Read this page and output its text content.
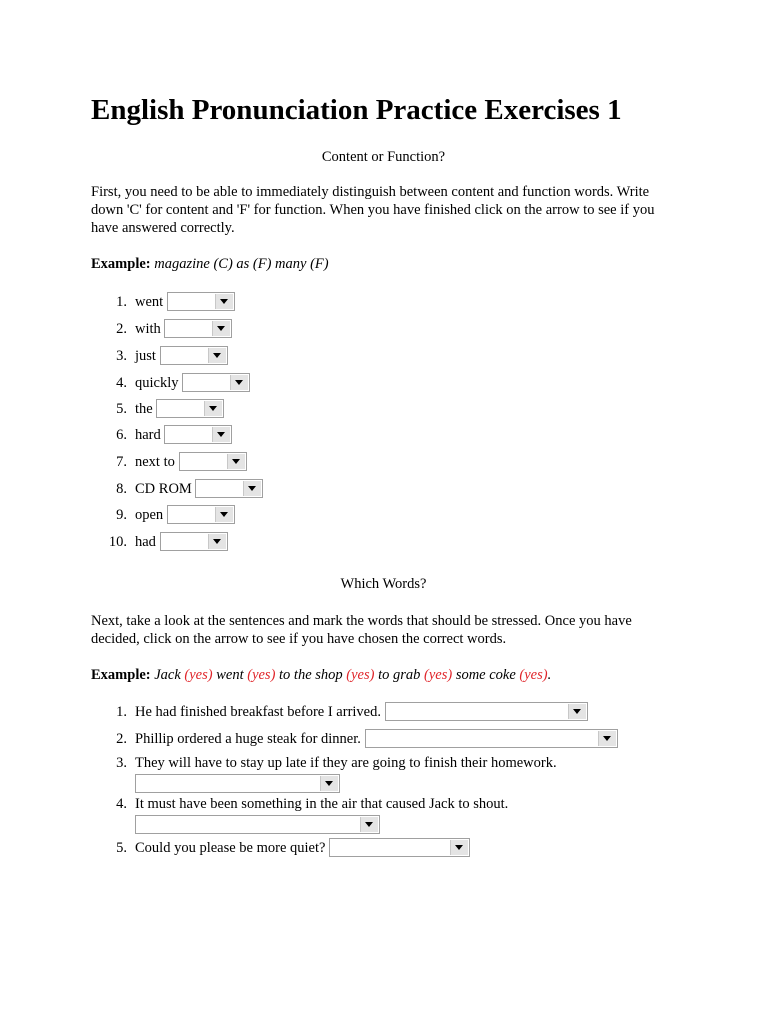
English Pronunciation Practice Exercises 1
Content or Function?
First, you need to be able to immediately distinguish between content and function words. Write down 'C' for content and 'F' for function. When you have finished click on the arrow to see if you have answered correctly.
Example: magazine (C) as (F) many (F)
1. went
2. with
3. just
4. quickly
5. the
6. hard
7. next to
8. CD ROM
9. open
10. had
Which Words?
Next, take a look at the sentences and mark the words that should be stressed. Once you have decided, click on the arrow to see if you have chosen the correct words.
Example: Jack (yes) went (yes) to the shop (yes) to grab (yes) some coke (yes).
1. He had finished breakfast before I arrived.
2. Phillip ordered a huge steak for dinner.
3. They will have to stay up late if they are going to finish their homework.

4. It must have been something in the air that caused Jack to shout.

5. Could you please be more quiet?
